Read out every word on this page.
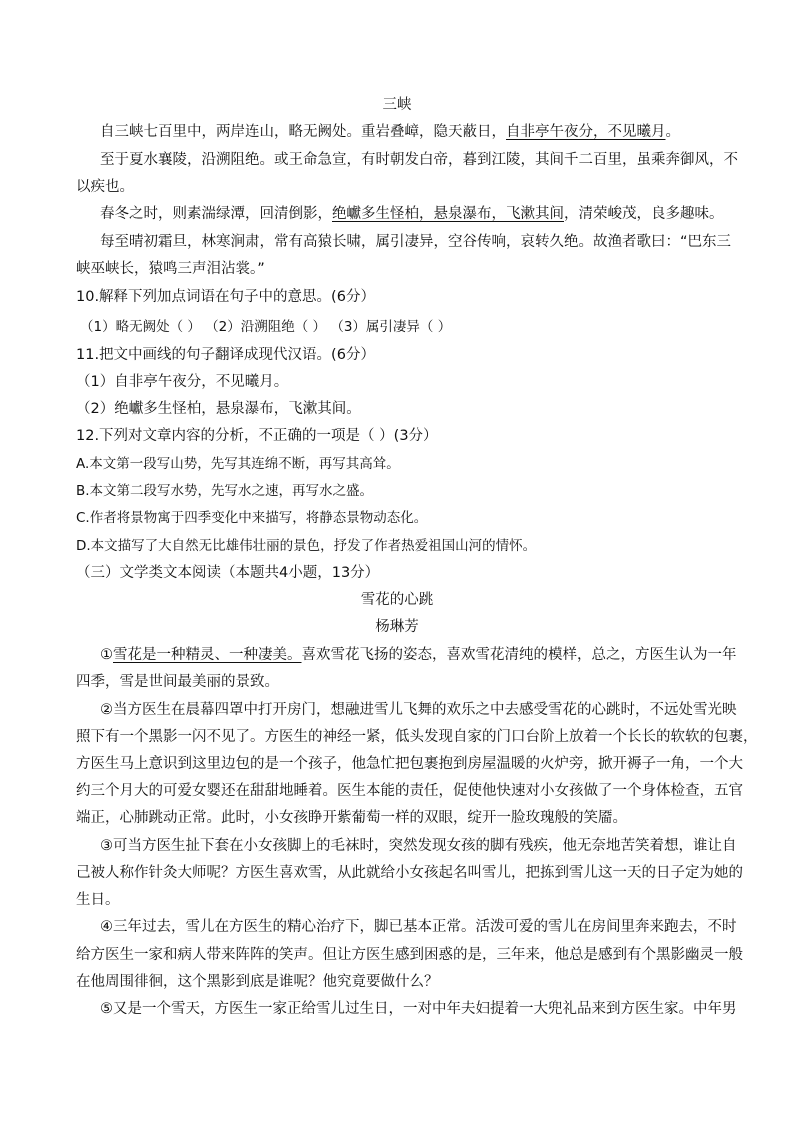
三峡
自三峡七百里中，两岸连山，略无阙处。重岩叠嶂，隐天蔽日，自非亭午夜分，不见曦月。
至于夏水襄陵，沿溯阻绝。或王命急宣，有时朝发白帝，暮到江陵，其间千二百里，虽乘奔御风，不
以疾也。
春冬之时，则素湍绿潭，回清倒影，绝巘多生怪柏，悬泉瀑布，飞漱其间，清荣峻茂，良多趣味。
每至晴初霜旦，林寒涧肃，常有高猿长啸，属引凄异，空谷传响，哀转久绝。故渔者歌曰：“巴东三
峡巫峡长，猿鸣三声泪沾裳。”
10.解释下列加点词语在句子中的意思。(6分）
（1）略无阙处（ ） （2）沿溯阻绝（ ） （3）属引凄异（ ）
11.把文中画线的句子翻译成现代汉语。(6分）
（1）自非亭午夜分，不见曦月。
（2）绝巘多生怪柏，悬泉瀑布，飞漱其间。
12.下列对文章内容的分析，不正确的一项是（ ）(3分）
A.本文第一段写山势，先写其连绵不断，再写其高耸。
B.本文第二段写水势，先写水之速，再写水之盛。
C.作者将景物寓于四季变化中来描写，将静态景物动态化。
D.本文描写了大自然无比雄伟壮丽的景色，抒发了作者热爱祖国山河的情怀。
（三）文学类文本阅读（本题共4小题，13分）
雪花的心跳
杨琳芳
①雪花是一种精灵、一种凄美。喜欢雪花飞扬的姿态，喜欢雪花清纯的模样，总之，方医生认为一年
四季，雪是世间最美丽的景致。
②当方医生在晨幕四罩中打开房门，想融进雪儿飞舞的欢乐之中去感受雪花的心跳时，不远处雪光映
照下有一个黑影一闪不见了。方医生的神经一紧，低头发现自家的门口台阶上放着一个长长的软软的包裹，
方医生马上意识到这里边包的是一个孩子，他急忙把包裹抱到房屋温暖的火炉旁，掀开褥子一角，一个大
约三个月大的可爱女婴还在甜甜地睡着。医生本能的责任，促使他快速对小女孩做了一个身体检查，五官
端正，心肺跳动正常。此时，小女孩睁开紫葡萄一样的双眼，绽开一脸玫瑰般的笑靥。
③可当方医生扯下套在小女孩脚上的毛袜时，突然发现女孩的脚有残疾，他无奈地苦笑着想，谁让自
己被人称作针灸大师呢？方医生喜欢雪，从此就给小女孩起名叫雪儿，把拣到雪儿这一天的日子定为她的
生日。
④三年过去，雪儿在方医生的精心治疗下，脚已基本正常。活泼可爱的雪儿在房间里奔来跑去，不时
给方医生一家和病人带来阵阵的笑声。但让方医生感到困惑的是，三年来，他总是感到有个黑影幽灵一般
在他周围徘徊，这个黑影到底是谁呢？他究竟要做什么？
⑤又是一个雪天，方医生一家正给雪儿过生日，一对中年夫妇提着一大兜礼品来到方医生家。中年男
